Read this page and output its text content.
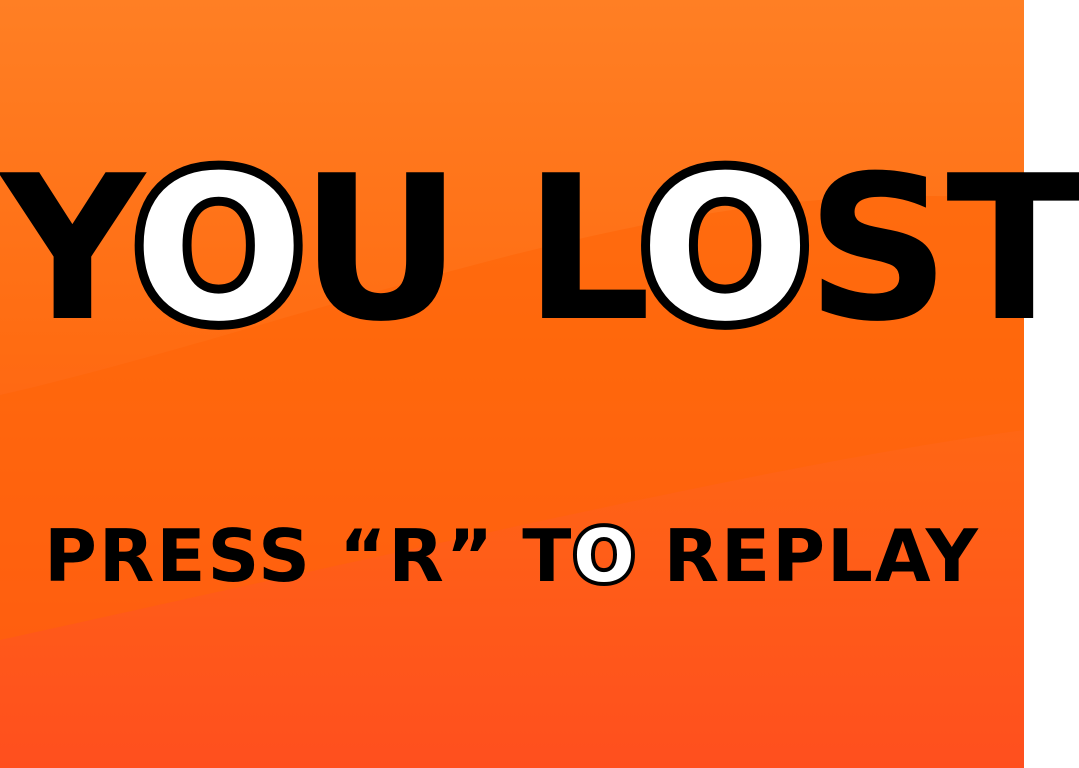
YOU LOST
PRESS “R” TO REPLAY
